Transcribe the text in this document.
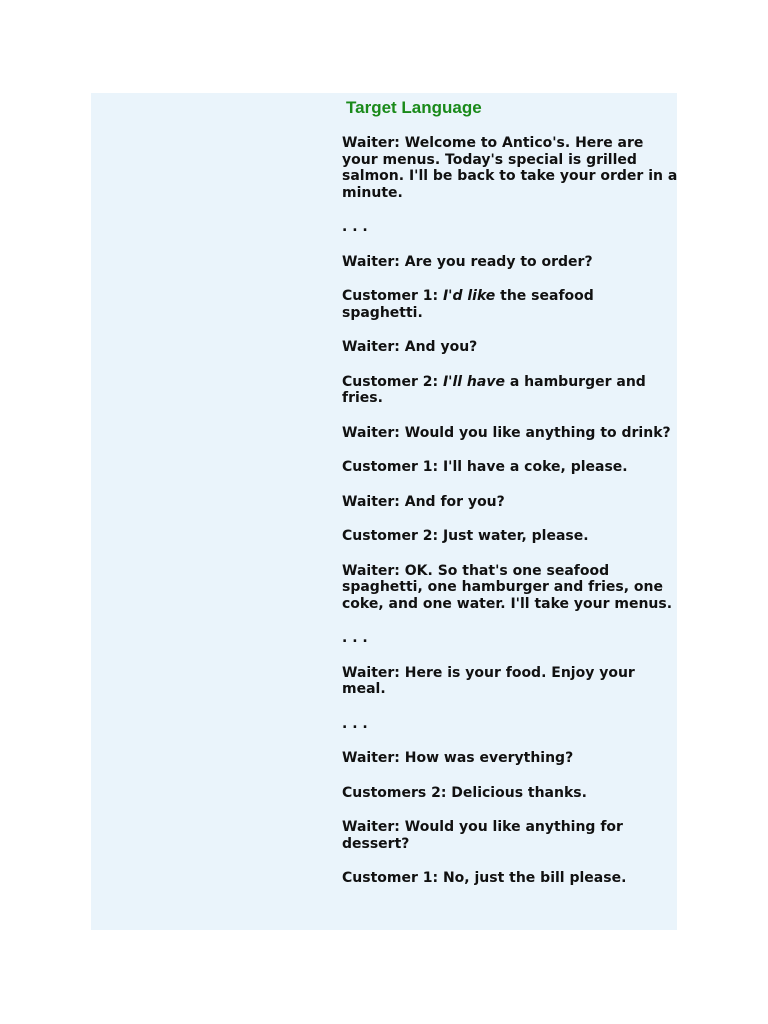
Target Language

Waiter: Welcome to Antico's. Here are your menus. Today's special is grilled salmon. I'll be back to take your order in a minute.

. . .

Waiter: Are you ready to order?

Customer 1: I'd like the seafood spaghetti.

Waiter: And you?

Customer 2: I'll have a hamburger and fries.

Waiter: Would you like anything to drink?

Customer 1: I'll have a coke, please.

Waiter: And for you?

Customer 2: Just water, please.

Waiter: OK. So that's one seafood spaghetti, one hamburger and fries, one coke, and one water. I'll take your menus.

. . .

Waiter: Here is your food. Enjoy your meal.

. . .

Waiter: How was everything?

Customers 2: Delicious thanks.

Waiter: Would you like anything for dessert?

Customer 1: No, just the bill please.
